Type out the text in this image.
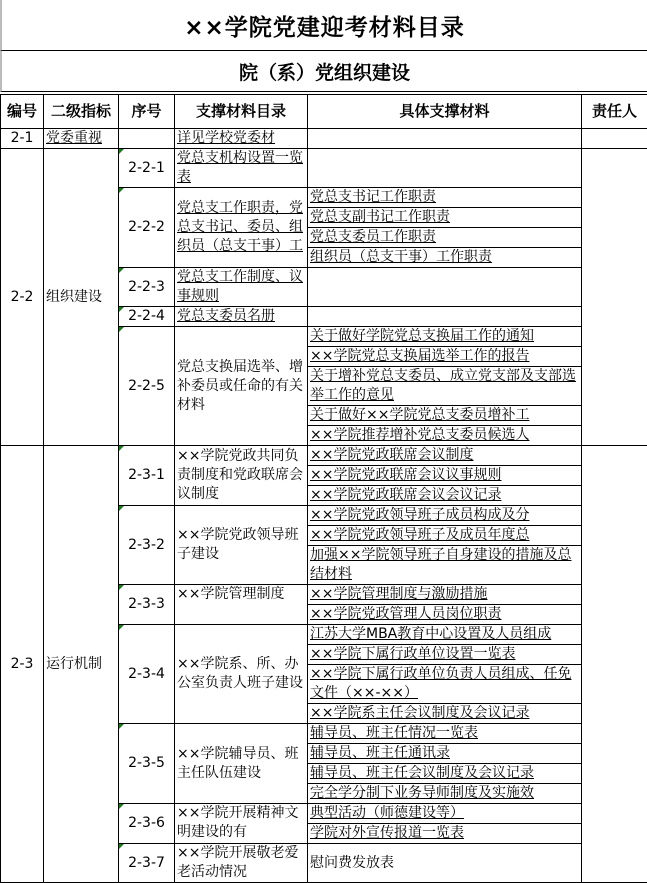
××学院党建迎考材料目录
院（系）党组织建设
编号	二级指标	序号	支撑材料目录	具体支撑材料	责任人

2-1	党委重视		详见学校党委材		

2-2	组织建设	2-2-1	党总支机构设置一览表		

		2-2-2	党总支工作职责，党总支书记、委员、组织员（总支干事）工	党总支书记工作职责	

				党总支副书记工作职责	

				党总支委员工作职责	

				组织员（总支干事）工作职责	

		2-2-3	党总支工作制度、议事规则		

		2-2-4	党总支委员名册		

		2-2-5	党总支换届选举、增补委员或任命的有关材料	关于做好学院党总支换届工作的通知	

				××学院党总支换届选举工作的报告	

				关于增补党总支委员、成立党支部及支部选举工作的意见	

				关于做好××学院党总支委员增补工	

				××学院推荐增补党总支委员候选人	

2-3	运行机制	2-3-1	××学院党政共同负责制度和党政联席会议制度	××学院党政联席会议制度	

				××学院党政联席会议议事规则	

				××学院党政联席会议会议记录	

		2-3-2	××学院党政领导班子建设	××学院党政领导班子成员构成及分	

				××学院党政领导班子及成员年度总	

				加强××学院领导班子自身建设的措施及总结材料	

		2-3-3	××学院管理制度	××学院管理制度与激励措施	

				××学院党政管理人员岗位职责	

		2-3-4	××学院系、所、办公室负责人班子建设	江苏大学MBA教育中心设置及人员组成	

				××学院下属行政单位设置一览表	

				××学院下属行政单位负责人员组成、任免文件（××-××）	

				××学院系主任会议制度及会议记录	

		2-3-5	××学院辅导员、班主任队伍建设	辅导员、班主任情况一览表	

				辅导员、班主任通讯录	

				辅导员、班主任会议制度及会议记录	

				完全学分制下业务导师制度及实施效	

		2-3-6	××学院开展精神文明建设的有	典型活动（师德建设等）	

				学院对外宣传报道一览表	

		2-3-7	××学院开展敬老爱老活动情况	慰问费发放表	
